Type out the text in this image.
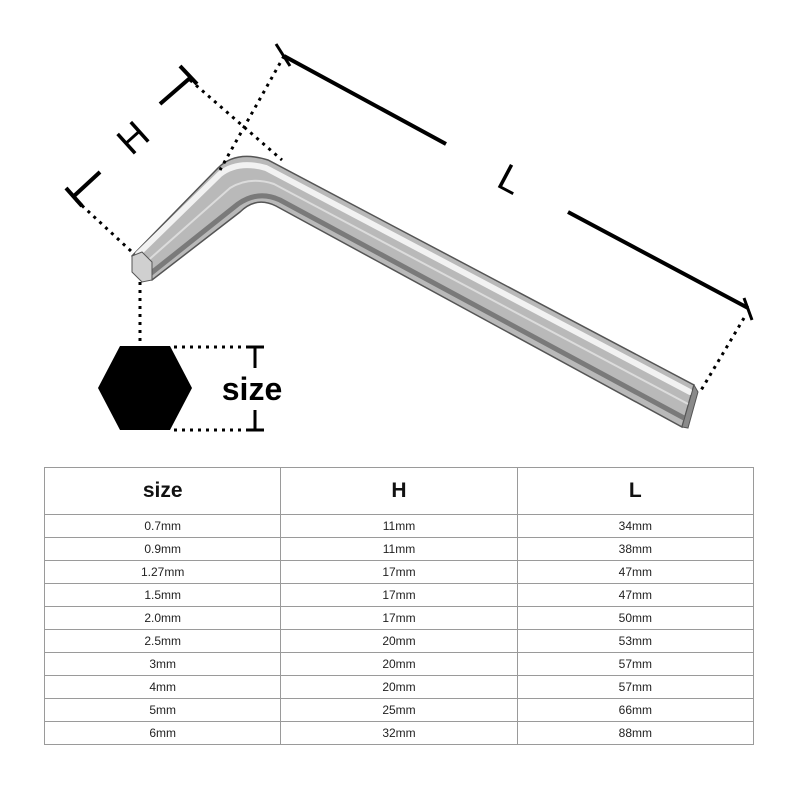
H
L
size
size	H	L
0.7mm	11mm	34mm
0.9mm	11mm	38mm
1.27mm	17mm	47mm
1.5mm	17mm	47mm
2.0mm	17mm	50mm
2.5mm	20mm	53mm
3mm	20mm	57mm
4mm	20mm	57mm
5mm	25mm	66mm
6mm	32mm	88mm
